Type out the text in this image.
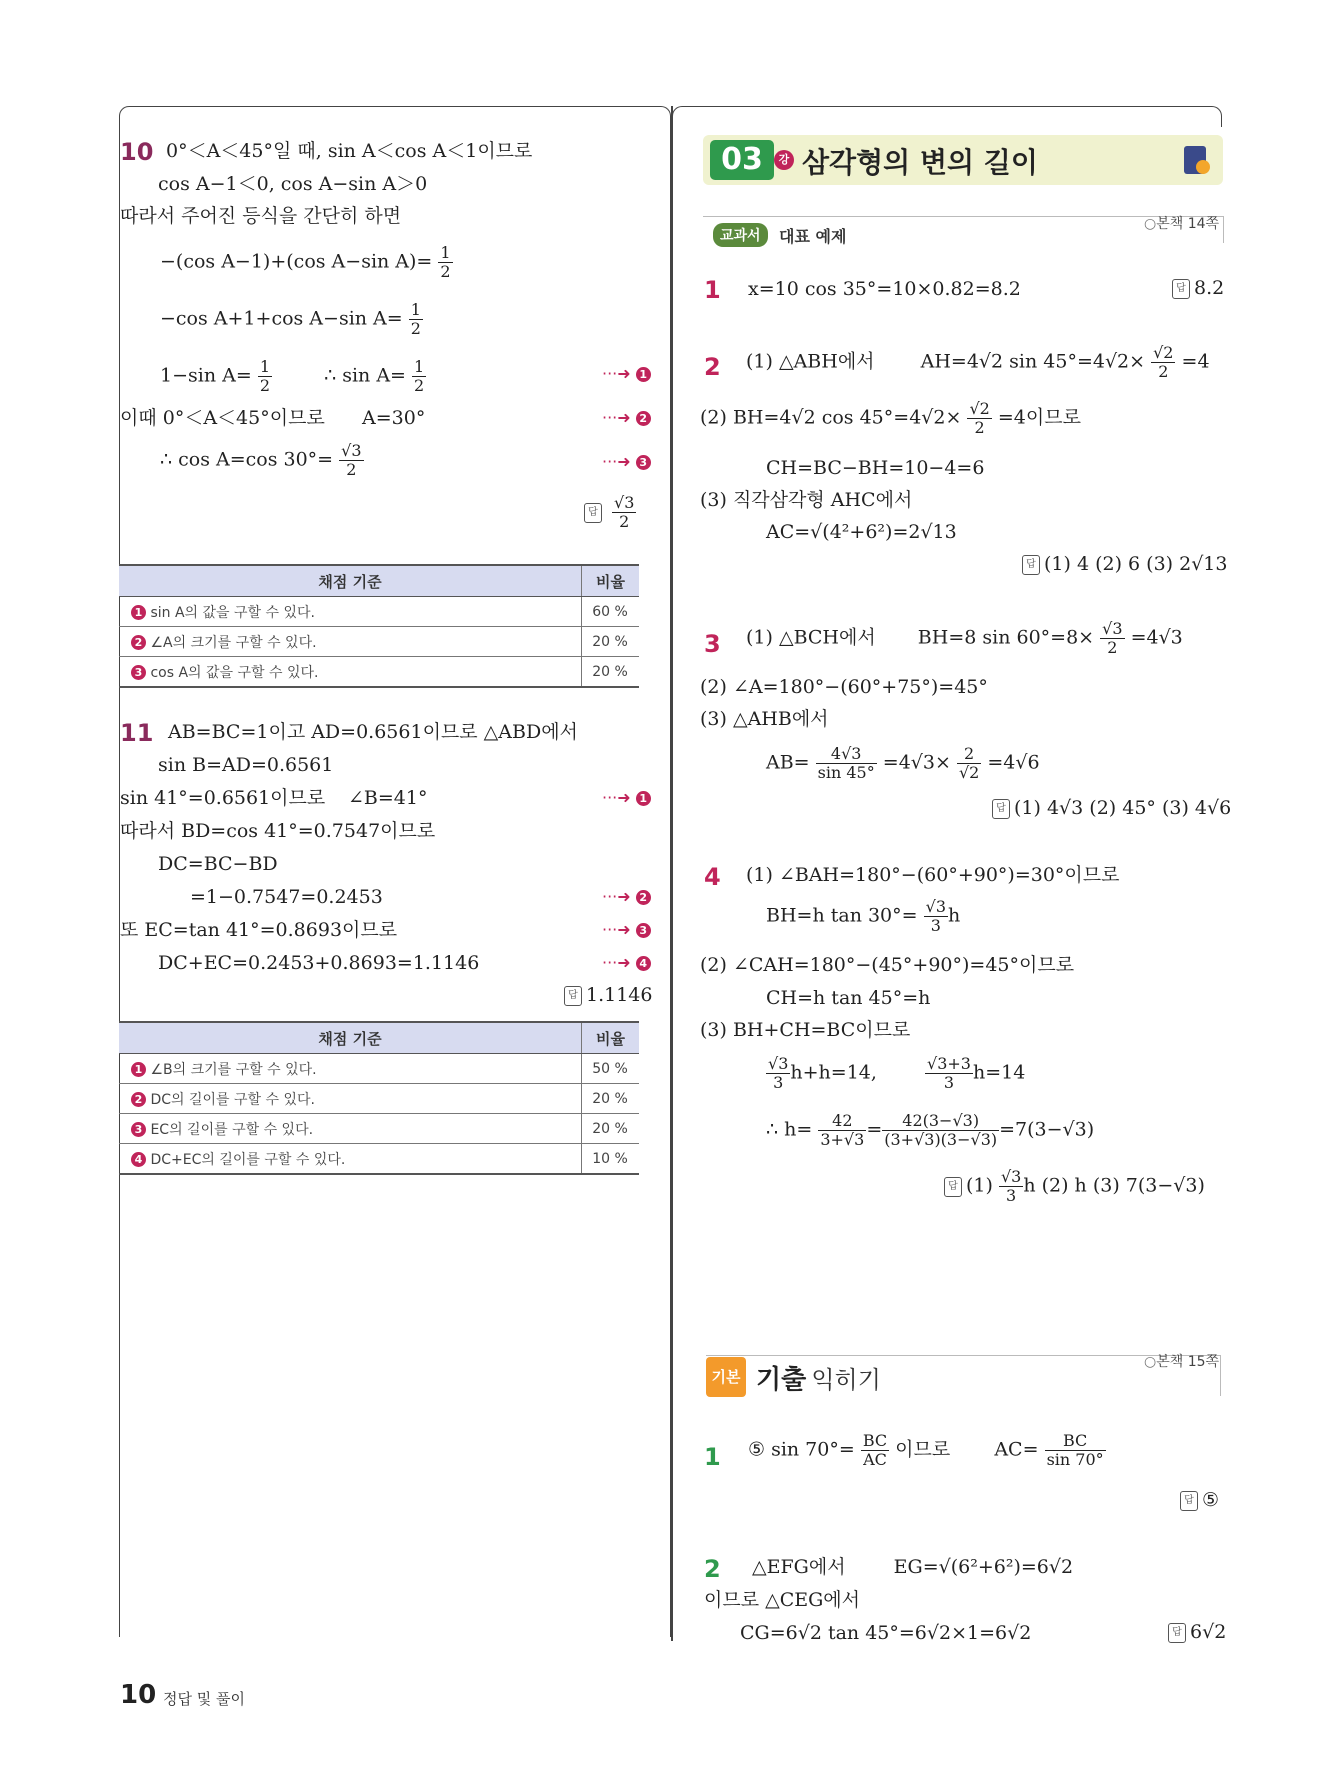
10 0°＜A＜45°일 때, sin A＜cos A＜1이므로
cos A−1＜0, cos A−sin A＞0
따라서 주어진 등식을 간단히 하면
−(cos A−1)+(cos A−sin $A)= \frac{1}{2}$
−cos A+1+cos A−sin $A= \frac{1}{2}$
1−sin $A= \frac{1}{2}$	∴ $\sin A= \frac{1}{2}$	···➜ 1
이때 0°＜A＜45°이므로 A=30°	···➜ 2
∴ cos A=cos $30^\circ= \frac{√3}{2}$	···➜ 3
답 $\frac{√3}{2}$
채점 기준	비율
1 sin A의 값을 구할 수 있다.	60 %
2 ∠A의 크기를 구할 수 있다.	20 %
3 cos A의 값을 구할 수 있다.	20 %
11 AB=BC=1이고 AD=0.6561이므로 △ABD에서
sin B=AD=0.6561
sin 41°=0.6561이므로 ∠B=41°	···➜ 1
따라서 BD=cos 41°=0.7547이므로
DC=BC−BD
=1−0.7547=0.2453	···➜ 2
또 EC=tan 41°=0.8693이므로	···➜ 3
DC+EC=0.2453+0.8693=1.1146	···➜ 4
답 1.1146
채점 기준	비율
1 ∠B의 크기를 구할 수 있다.	50 %
2 DC의 길이를 구할 수 있다.	20 %
3 EC의 길이를 구할 수 있다.	20 %
4 DC+EC의 길이를 구할 수 있다.	10 %
03	강 삼각형의 변의 길이
교과서	대표 예제
○ 본책 14쪽
1 x=10 cos 35°=10×0.82=8.2	답 8.2
2 (1) △ABH에서 AH=4√2 $\sin 45^\circ=4√2\times \frac{√2}{2} =4$
(2) BH=4√2 $\cos 45^\circ=4√2\times \frac{√2}{2} =4$이므로
CH=BC−BH=10−4=6
(3) 직각삼각형 AHC에서
AC=√(4²+6²)=2√13
답 (1) 4 (2) 6 (3) 2√13
3 (1) △BCH에서 BH=8 $\sin 60^\circ=8\times \frac{√3}{2} =4√3$
(2) ∠A=180°−(60°+75°)=45°
(3) △AHB에서
$AB= \frac{4√3}{\sin 45^\circ} =4√3\times \frac{2}{√2} =4√6$
답 (1) 4√3 (2) 45° (3) 4√6
4 (1) ∠BAH=180°−(60°+90°)=30°이므로
BH=h $\tan 30^\circ= \frac{√3}{3}$ h
(2) ∠CAH=180°−(45°+90°)=45°이므로
CH=h tan 45°=h
(3) BH+CH=BC이므로
$\frac{√3}{3} h+h=14$,	$\frac{√3+3}{3} h=14$
∴ $h= \frac{42}{3+√3} = \frac{42(3-√3)}{(3+√3)(3-√3)} =7(3-√3)$
답 $(1) \frac{√3}{3}$ h (2) h (3) 7(3−√3)
기본 기출 익히기
○ 본책 15쪽
1 ⑤ $\sin 70^\circ= \frac{BC}{AC}$ 이므로 $AC= \frac{BC}{\sin 70^\circ}$
답 ⑤
2 △EFG에서	EG=√(6²+6²)=6√2
이므로 △CEG에서
CG=6√2 tan 45°=6√2×1=6√2	답 6√2
10 정답 및 풀이
